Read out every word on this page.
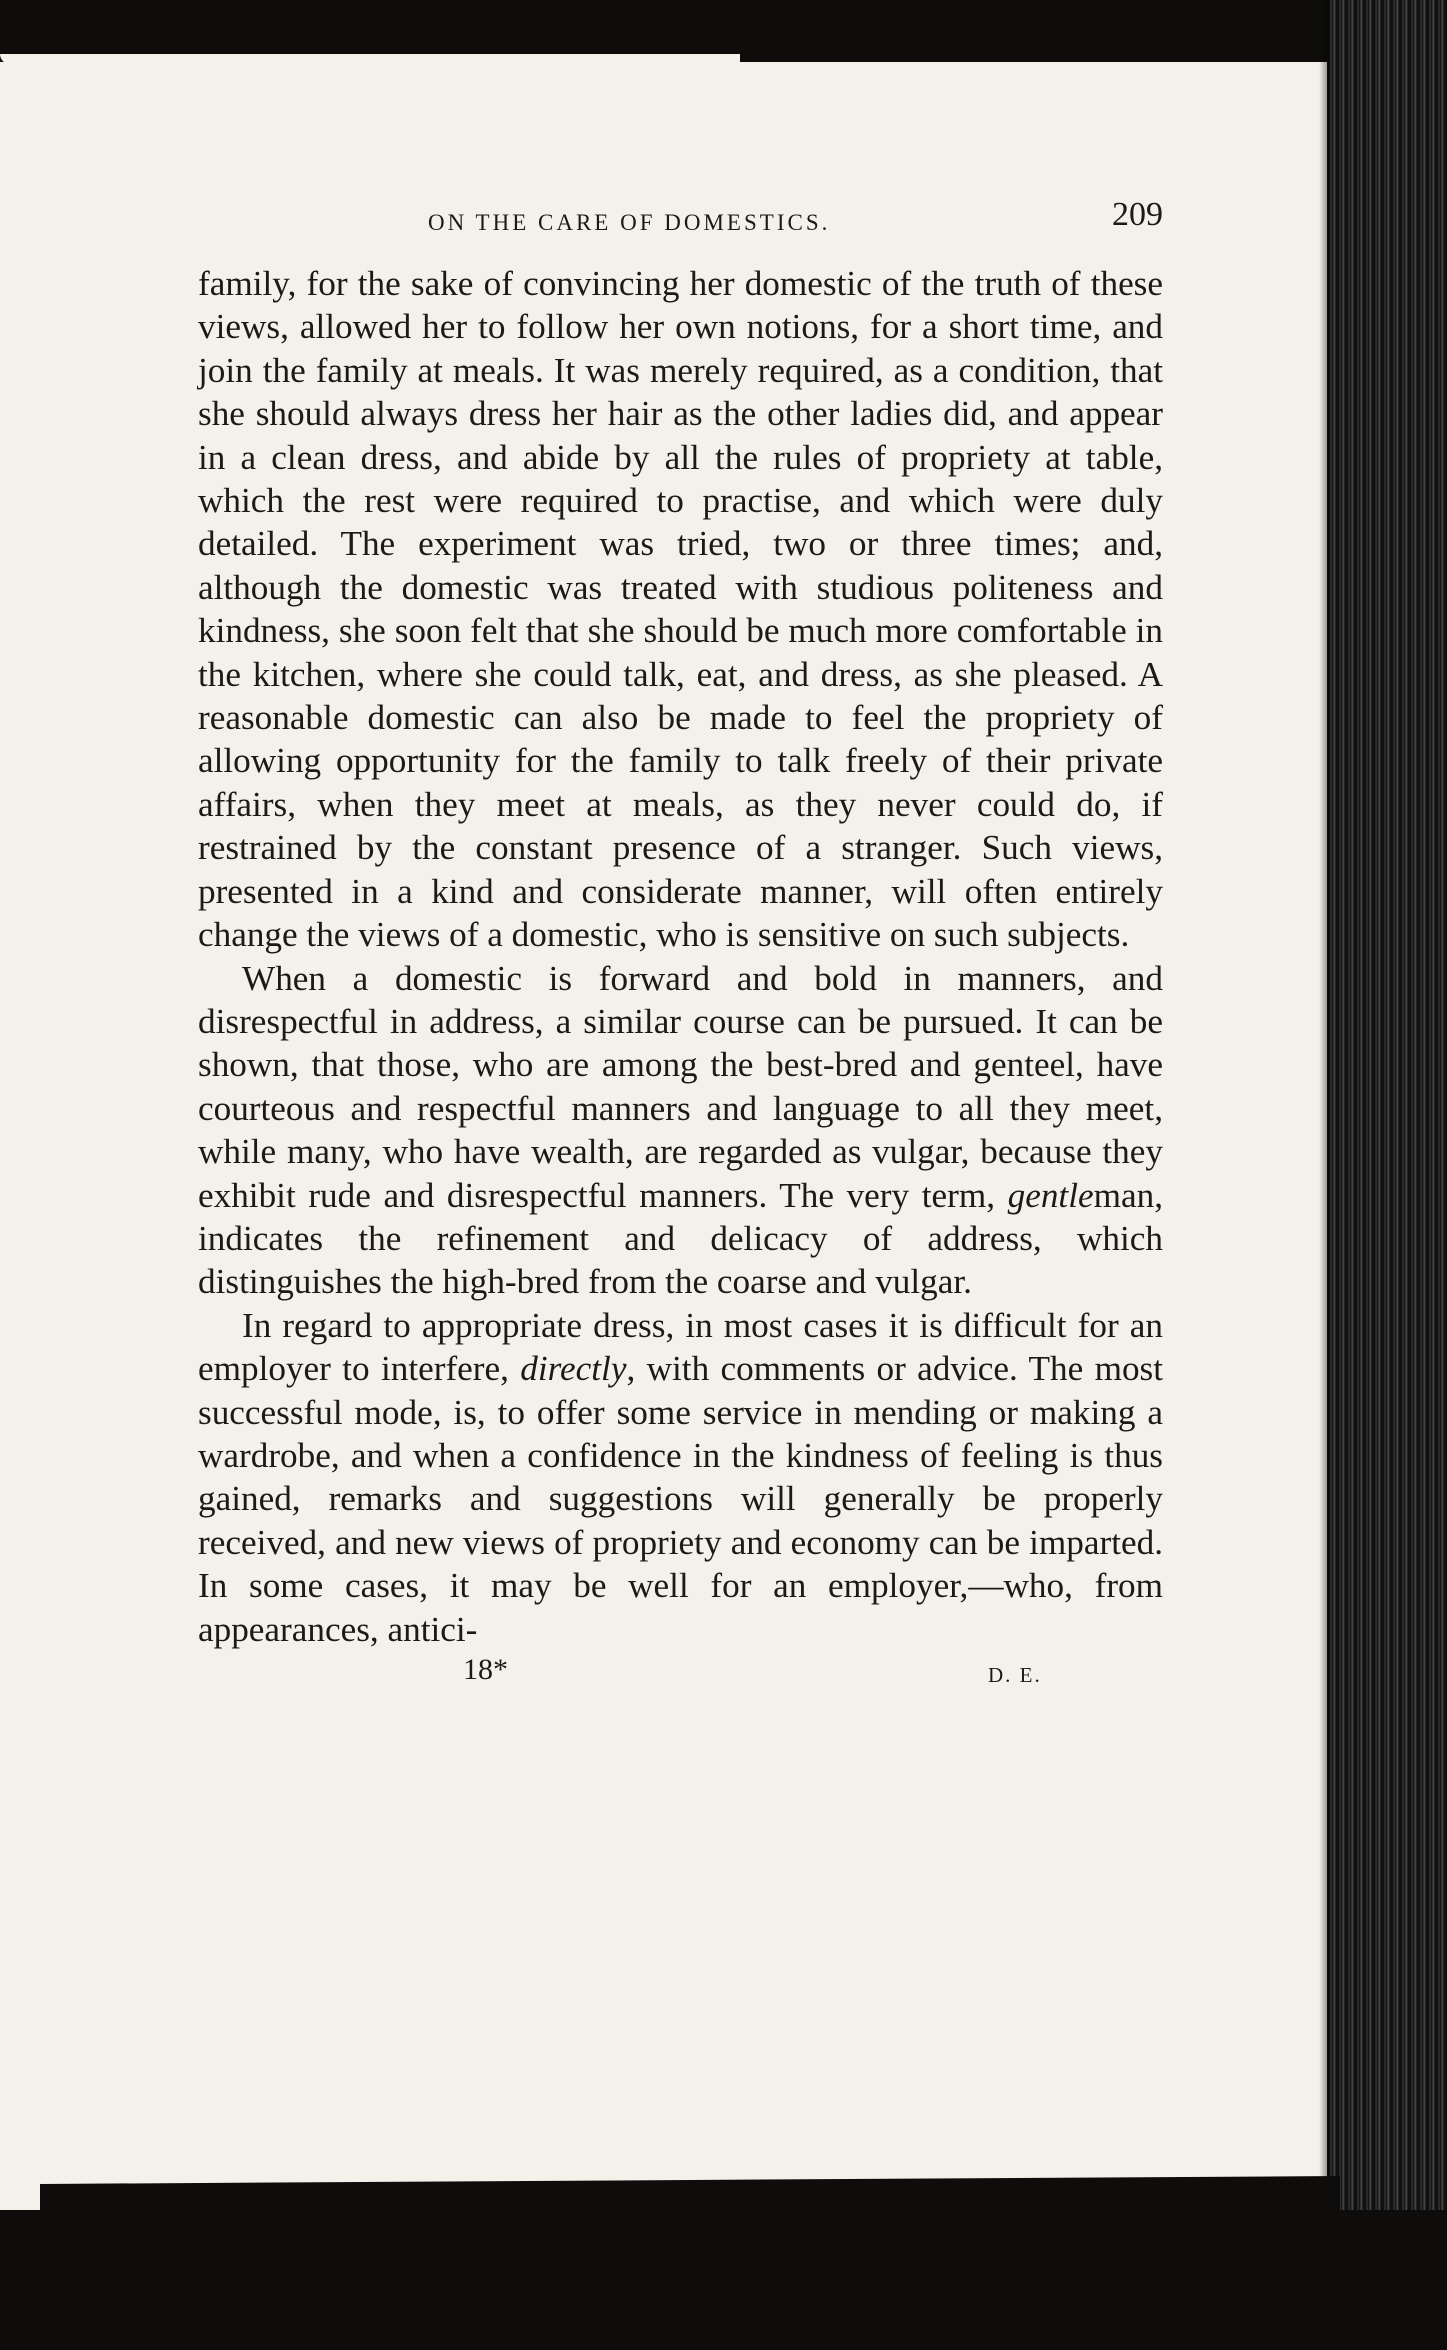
ON THE CARE OF DOMESTICS.	209

family, for the sake of convincing her domestic of the truth of these views, allowed her to follow her own notions, for a short time, and join the family at meals. It was merely required, as a condition, that she should always dress her hair as the other ladies did, and appear in a clean dress, and abide by all the rules of propriety at table, which the rest were required to practise, and which were duly detailed. The experiment was tried, two or three times; and, although the domestic was treated with studious politeness and kindness, she soon felt that she should be much more comfortable in the kitchen, where she could talk, eat, and dress, as she pleased. A reasonable domestic can also be made to feel the propriety of allowing opportunity for the family to talk freely of their private affairs, when they meet at meals, as they never could do, if restrained by the constant presence of a stranger. Such views, presented in a kind and considerate manner, will often entirely change the views of a domestic, who is sensitive on such subjects.

When a domestic is forward and bold in manners, and disrespectful in address, a similar course can be pursued. It can be shown, that those, who are among the best-bred and genteel, have courteous and respectful manners and language to all they meet, while many, who have wealth, are regarded as vulgar, because they exhibit rude and disrespectful manners. The very term, gentleman, indicates the refinement and delicacy of address, which distinguishes the high-bred from the coarse and vulgar.

In regard to appropriate dress, in most cases it is difficult for an employer to interfere, directly, with comments or advice. The most successful mode, is, to offer some service in mending or making a wardrobe, and when a confidence in the kindness of feeling is thus gained, remarks and suggestions will generally be properly received, and new views of propriety and economy can be imparted. In some cases, it may be well for an employer,—who, from appearances, antici-

18*	D. E.
